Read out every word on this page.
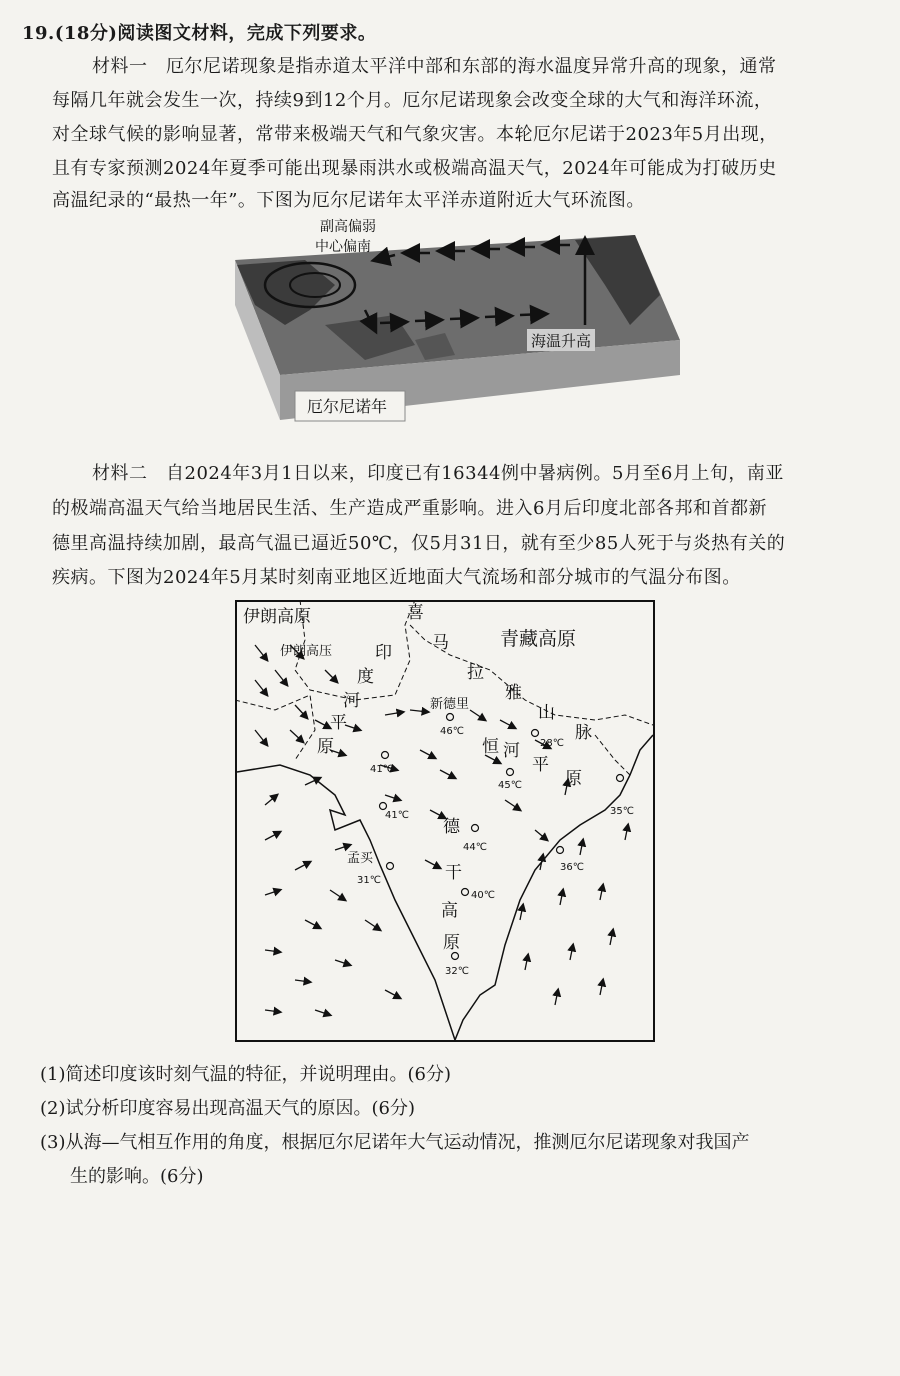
19.(18分)阅读图文材料，完成下列要求。
材料一　厄尔尼诺现象是指赤道太平洋中部和东部的海水温度异常升高的现象，通常
每隔几年就会发生一次，持续9到12个月。厄尔尼诺现象会改变全球的大气和海洋环流，
对全球气候的影响显著，常带来极端天气和气象灾害。本轮厄尔尼诺于2023年5月出现，
且有专家预测2024年夏季可能出现暴雨洪水或极端高温天气，2024年可能成为打破历史
高温纪录的“最热一年”。下图为厄尔尼诺年太平洋赤道附近大气环流图。
副高偏弱
中心偏南
海温升高
厄尔尼诺年
材料二　自2024年3月1日以来，印度已有16344例中暑病例。5月至6月上旬，南亚
的极端高温天气给当地居民生活、生产造成严重影响。进入6月后印度北部各邦和首都新
德里高温持续加剧，最高气温已逼近50℃，仅5月31日，就有至少85人死于与炎热有关的
疾病。下图为2024年5月某时刻南亚地区近地面大气流场和部分城市的气温分布图。
伊朗高原
青藏高原
喜
马
拉
雅
山
脉
印
度
河
平
原	恒 河
平
原
德
干
高
原
伊朗高压
新德里
孟买
46℃
28℃
41℃
45℃
41℃	35℃
44℃
36℃
31℃
40℃
32℃
(1)简述印度该时刻气温的特征，并说明理由。(6分)
(2)试分析印度容易出现高温天气的原因。(6分)
(3)从海—气相互作用的角度，根据厄尔尼诺年大气运动情况，推测厄尔尼诺现象对我国产
生的影响。(6分)
